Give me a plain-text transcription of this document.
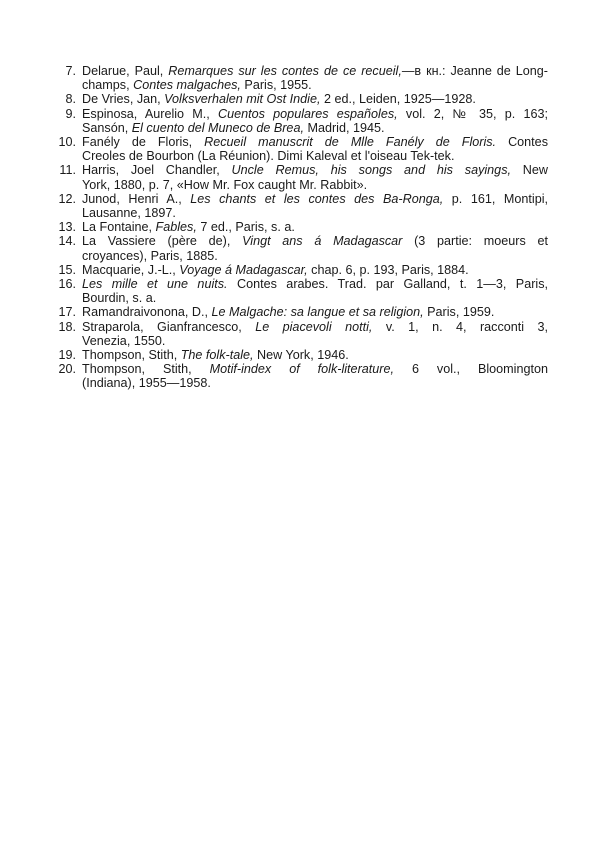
7. Delarue, Paul, Remarques sur les contes de ce recueil,—в кн.: Jeanne de Long-
champs, Contes malgaches, Paris, 1955.
8. De Vries, Jan, Volksverhalen mit Ost Indie, 2 ed., Leiden, 1925—1928.
9. Espinosa, Aurelio M., Cuentos populares españoles, vol. 2, № 35, p. 163;
Sansón, El cuento del Muneco de Brea, Madrid, 1945.
10. Fanély de Floris, Recueil manuscrit de Mlle Fanély de Floris. Contes
Creoles de Bourbon (La Réunion). Dimi Kaleval et l'oiseau Tek-tek.
11. Harris, Joel Chandler, Uncle Remus, his songs and his sayings, New
York, 1880, p. 7, «How Mr. Fox caught Mr. Rabbit».
12. Junod, Henri A., Les chants et les contes des Ba-Ronga, p. 161, Montipi,
Lausanne, 1897.
13. La Fontaine, Fables, 7 ed., Paris, s. a.
14. La Vassiere (père de), Vingt ans á Madagascar (3 partie: moeurs et
croyances), Paris, 1885.
15. Macquarie, J.-L., Voyage á Madagascar, chap. 6, p. 193, Paris, 1884.
16. Les mille et une nuits. Contes arabes. Trad. par Galland, t. 1—3, Paris,
Bourdin, s. a.
17. Ramandraivonona, D., Le Malgache: sa langue et sa religion, Paris, 1959.
18. Straparola, Gianfrancesco, Le piacevoli notti, v. 1, n. 4, racconti 3,
Venezia, 1550.
19. Thompson, Stith, The folk-tale, New York, 1946.
20. Thompson, Stith, Motif-index of folk-literature, 6 vol., Bloomington
(Indiana), 1955—1958.
